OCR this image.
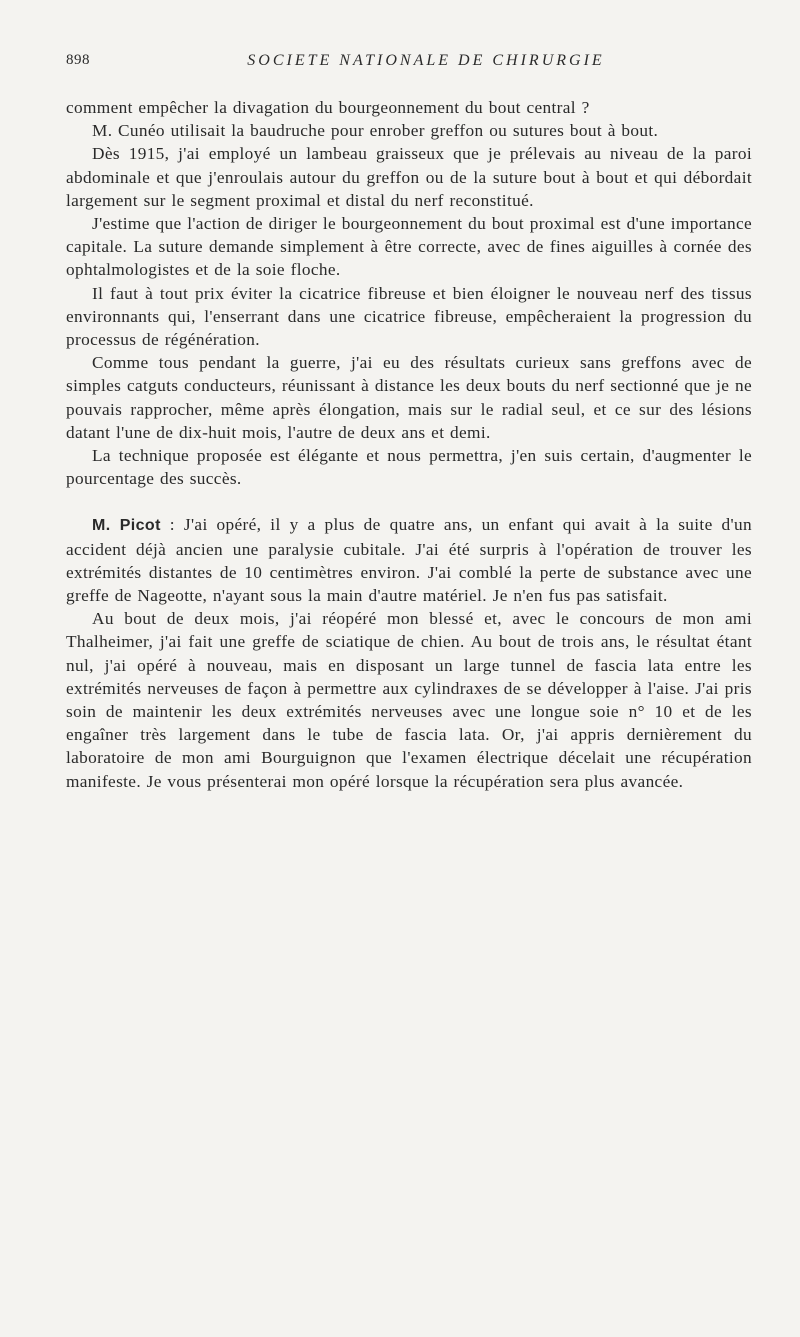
898	SOCIETE NATIONALE DE CHIRURGIE

comment empêcher la divagation du bourgeonnement du bout central ?

M. Cunéo utilisait la baudruche pour enrober greffon ou sutures bout à bout.

Dès 1915, j'ai employé un lambeau graisseux que je prélevais au niveau de la paroi abdominale et que j'enroulais autour du greffon ou de la suture bout à bout et qui débordait largement sur le segment proximal et distal du nerf reconstitué.

J'estime que l'action de diriger le bourgeonnement du bout proximal est d'une importance capitale. La suture demande simplement à être correcte, avec de fines aiguilles à cornée des ophtalmologistes et de la soie floche.

Il faut à tout prix éviter la cicatrice fibreuse et bien éloigner le nouveau nerf des tissus environnants qui, l'enserrant dans une cicatrice fibreuse, empêcheraient la progression du processus de régénération.

Comme tous pendant la guerre, j'ai eu des résultats curieux sans greffons avec de simples catguts conducteurs, réunissant à distance les deux bouts du nerf sectionné que je ne pouvais rapprocher, même après élongation, mais sur le radial seul, et ce sur des lésions datant l'une de dix-huit mois, l'autre de deux ans et demi.

La technique proposée est élégante et nous permettra, j'en suis certain, d'augmenter le pourcentage des succès.

M. Picot : J'ai opéré, il y a plus de quatre ans, un enfant qui avait à la suite d'un accident déjà ancien une paralysie cubitale. J'ai été surpris à l'opération de trouver les extrémités distantes de 10 centimètres environ. J'ai comblé la perte de substance avec une greffe de Nageotte, n'ayant sous la main d'autre matériel. Je n'en fus pas satisfait.

Au bout de deux mois, j'ai réopéré mon blessé et, avec le concours de mon ami Thalheimer, j'ai fait une greffe de sciatique de chien. Au bout de trois ans, le résultat étant nul, j'ai opéré à nouveau, mais en disposant un large tunnel de fascia lata entre les extrémités nerveuses de façon à permettre aux cylindraxes de se développer à l'aise. J'ai pris soin de maintenir les deux extrémités nerveuses avec une longue soie n° 10 et de les engaîner très largement dans le tube de fascia lata. Or, j'ai appris dernièrement du laboratoire de mon ami Bourguignon que l'examen électrique décelait une récupération manifeste. Je vous présenterai mon opéré lorsque la récupération sera plus avancée.
